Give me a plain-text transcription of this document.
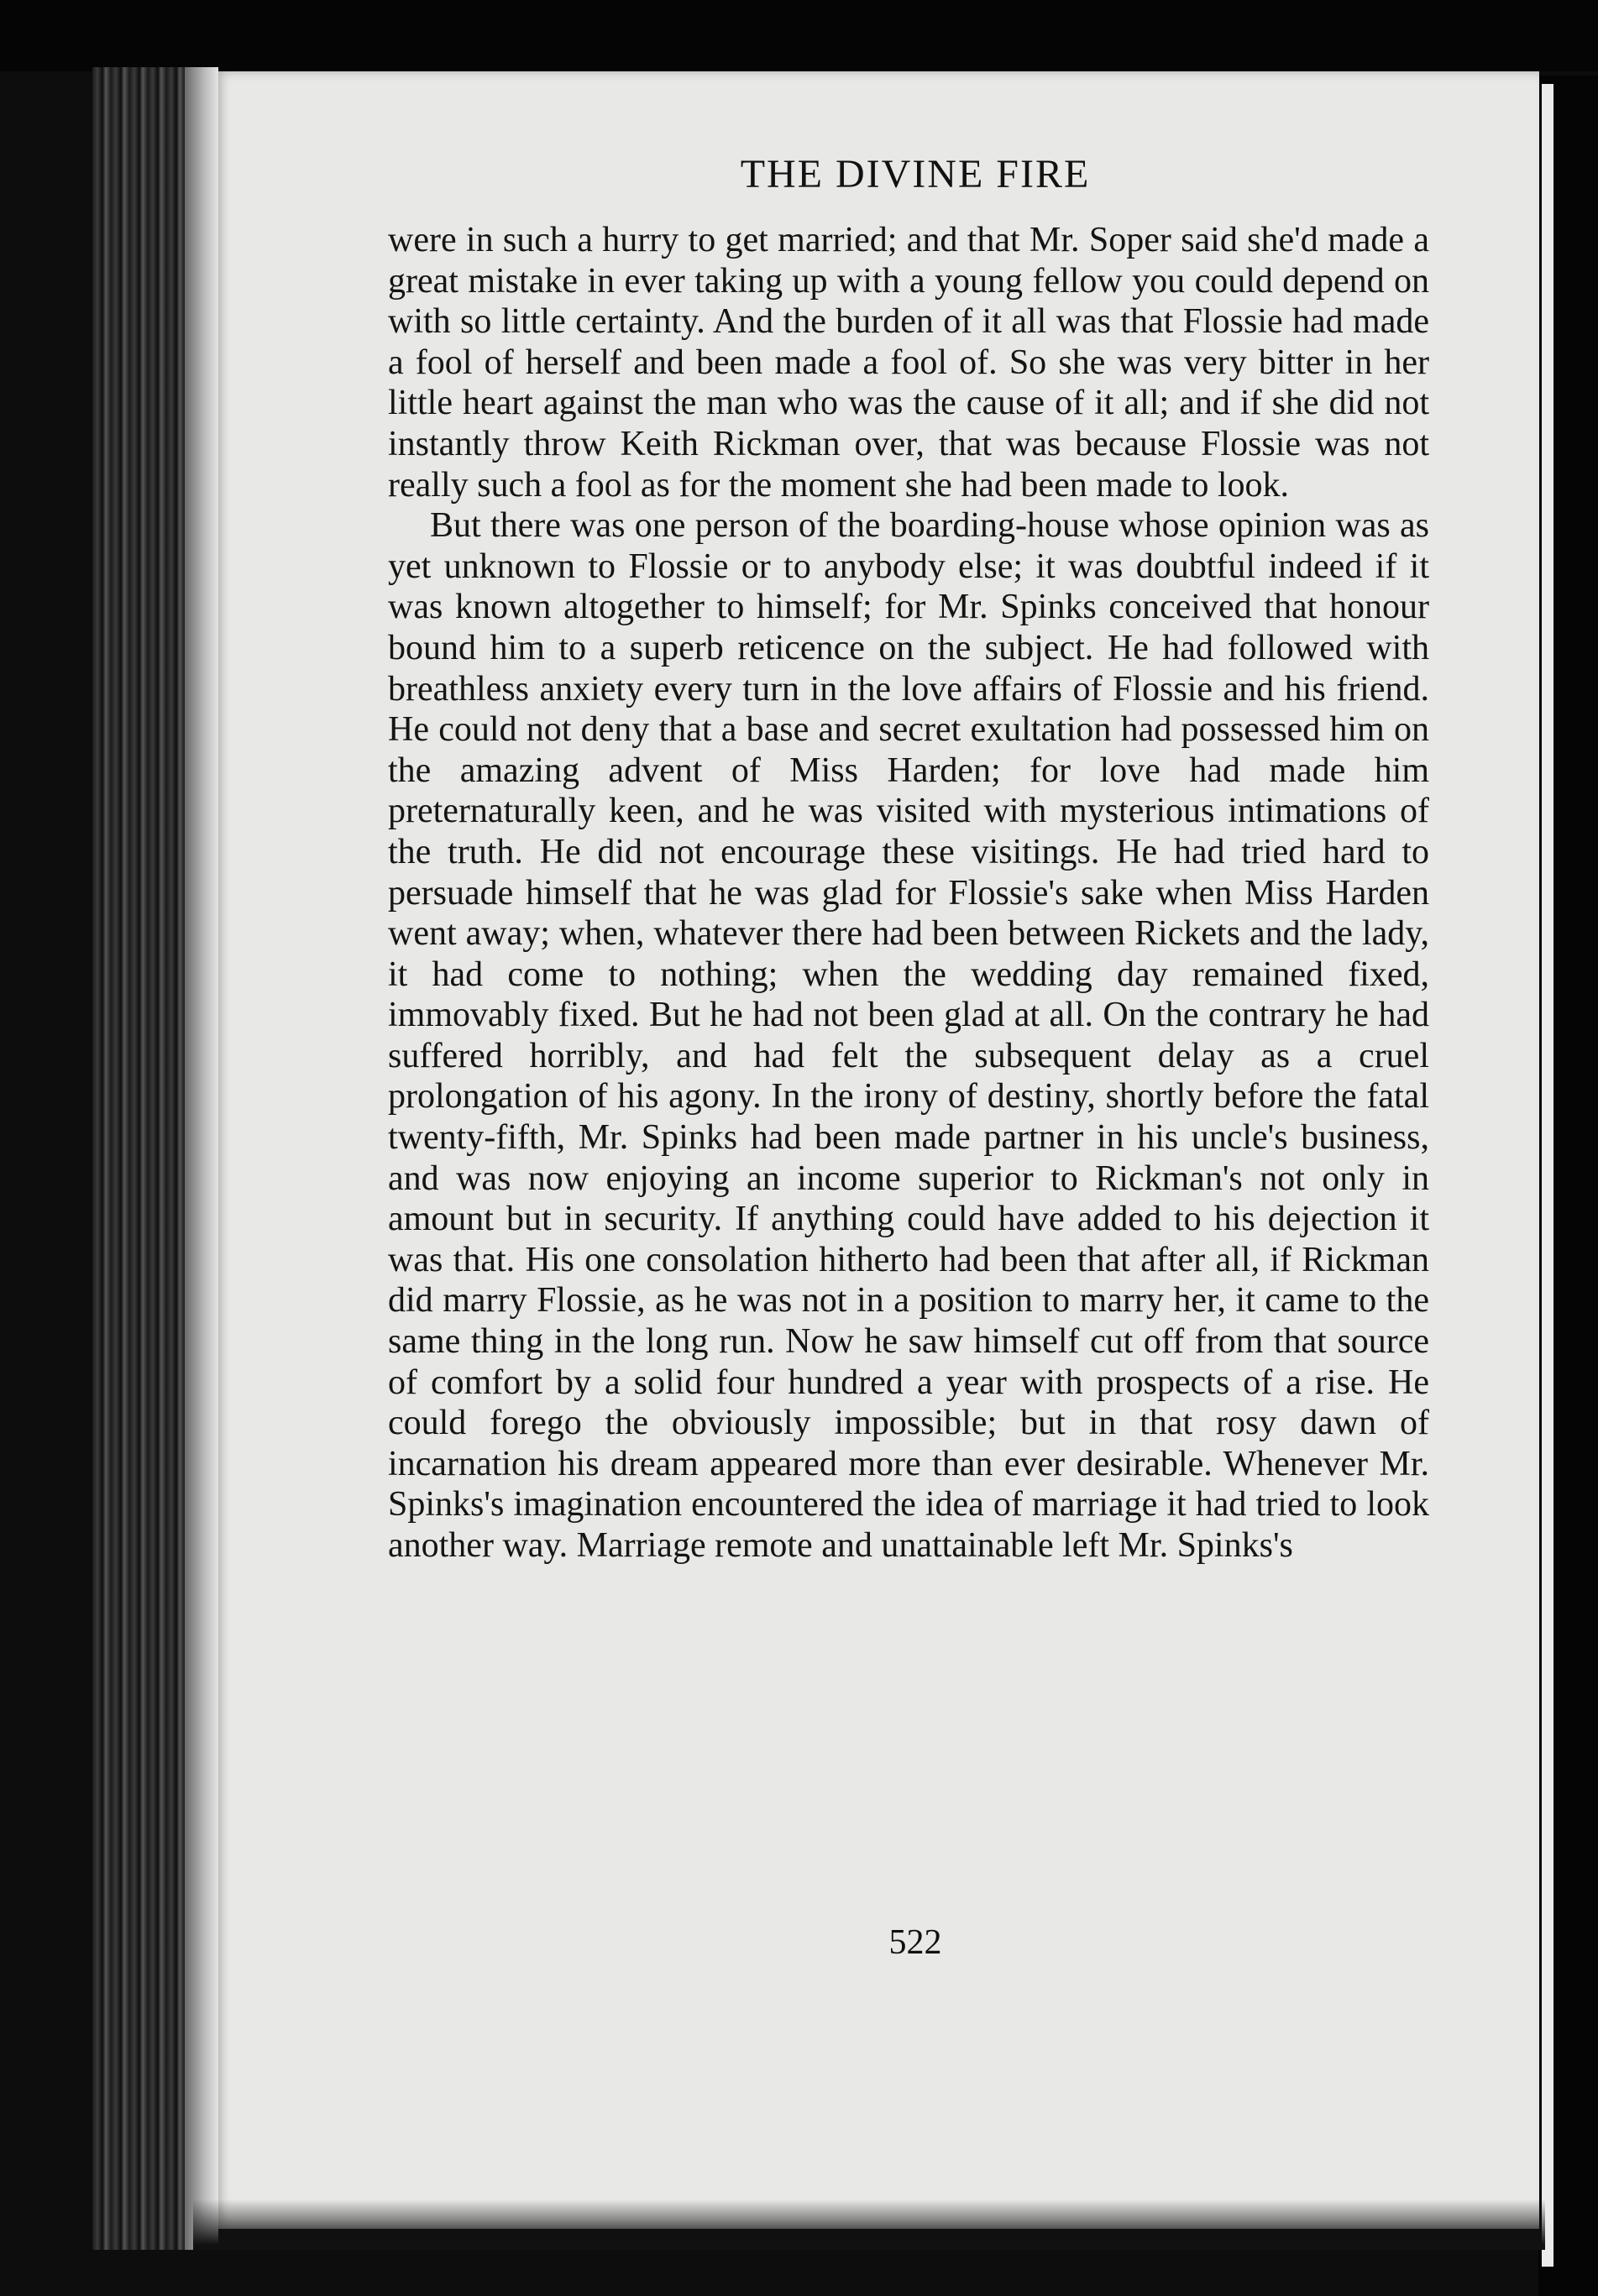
THE DIVINE FIRE

were in such a hurry to get married; and that Mr. Soper said she'd made a great mistake in ever taking up with a young fellow you could depend on with so little certainty. And the burden of it all was that Flossie had made a fool of herself and been made a fool of. So she was very bitter in her little heart against the man who was the cause of it all; and if she did not instantly throw Keith Rickman over, that was because Flossie was not really such a fool as for the moment she had been made to look.

But there was one person of the boarding-house whose opinion was as yet unknown to Flossie or to anybody else; it was doubtful indeed if it was known altogether to himself; for Mr. Spinks conceived that honour bound him to a superb reticence on the subject. He had followed with breathless anxiety every turn in the love affairs of Flossie and his friend. He could not deny that a base and secret exultation had possessed him on the amazing advent of Miss Harden; for love had made him preternaturally keen, and he was visited with mysterious intimations of the truth. He did not encourage these visitings. He had tried hard to persuade himself that he was glad for Flossie's sake when Miss Harden went away; when, whatever there had been between Rickets and the lady, it had come to nothing; when the wedding day remained fixed, immovably fixed. But he had not been glad at all. On the contrary he had suffered horribly, and had felt the subsequent delay as a cruel prolongation of his agony. In the irony of destiny, shortly before the fatal twenty-fifth, Mr. Spinks had been made partner in his uncle's business, and was now enjoying an income superior to Rickman's not only in amount but in security. If anything could have added to his dejection it was that. His one consolation hitherto had been that after all, if Rickman did marry Flossie, as he was not in a position to marry her, it came to the same thing in the long run. Now he saw himself cut off from that source of comfort by a solid four hundred a year with prospects of a rise. He could forego the obviously impossible; but in that rosy dawn of incarnation his dream appeared more than ever desirable. Whenever Mr. Spinks's imagination encountered the idea of marriage it had tried to look another way. Marriage remote and unattainable left Mr. Spinks's

522
